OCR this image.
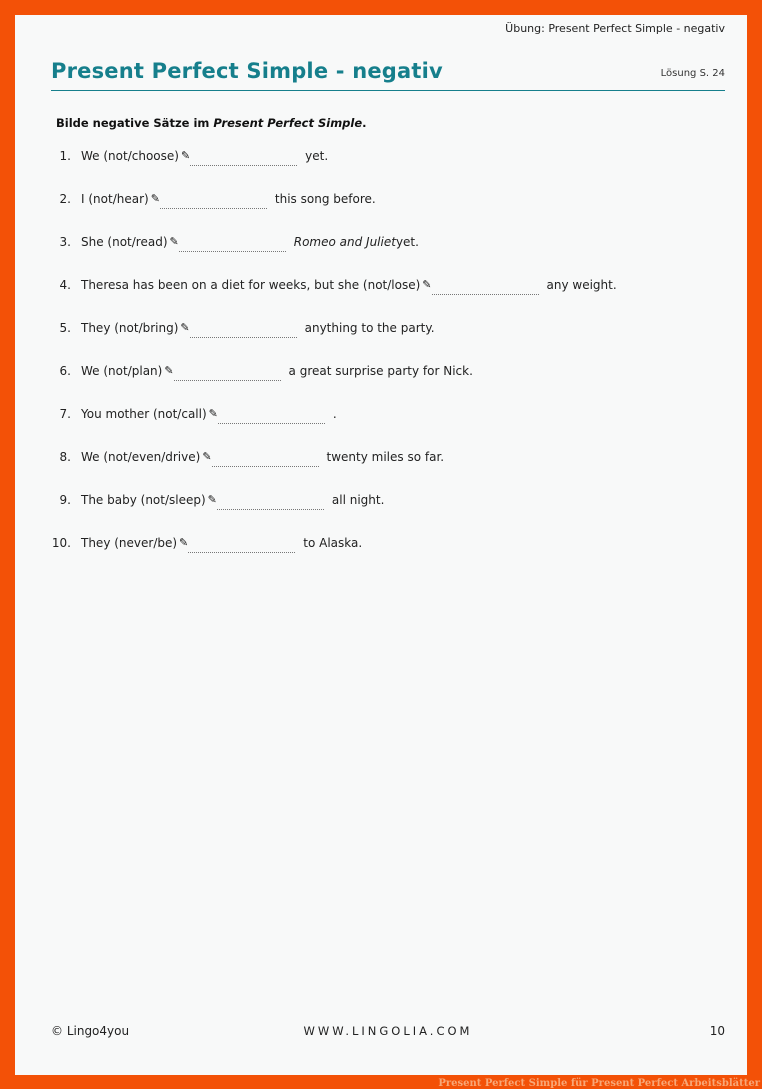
Übung: Present Perfect Simple - negativ
Present Perfect Simple - negativ	Lösung S. 24
Bilde negative Sätze im Present Perfect Simple.
1. We (not/choose) ✎	yet.
2. I (not/hear) ✎	this song before.
3. She (not/read) ✎	Romeo and Juliet yet.
4. Theresa has been on a diet for weeks, but she (not/lose) ✎	any weight.
5. They (not/bring) ✎	anything to the party.
6. We (not/plan) ✎	a great surprise party for Nick.
7. You mother (not/call) ✎	.
8. We (not/even/drive) ✎	twenty miles so far.
9. The baby (not/sleep) ✎	all night.
10. They (never/be) ✎	to Alaska.
© Lingo4you	WWW.LINGOLIA.COM	10
Present Perfect Simple für Present Perfect Arbeitsblätter
